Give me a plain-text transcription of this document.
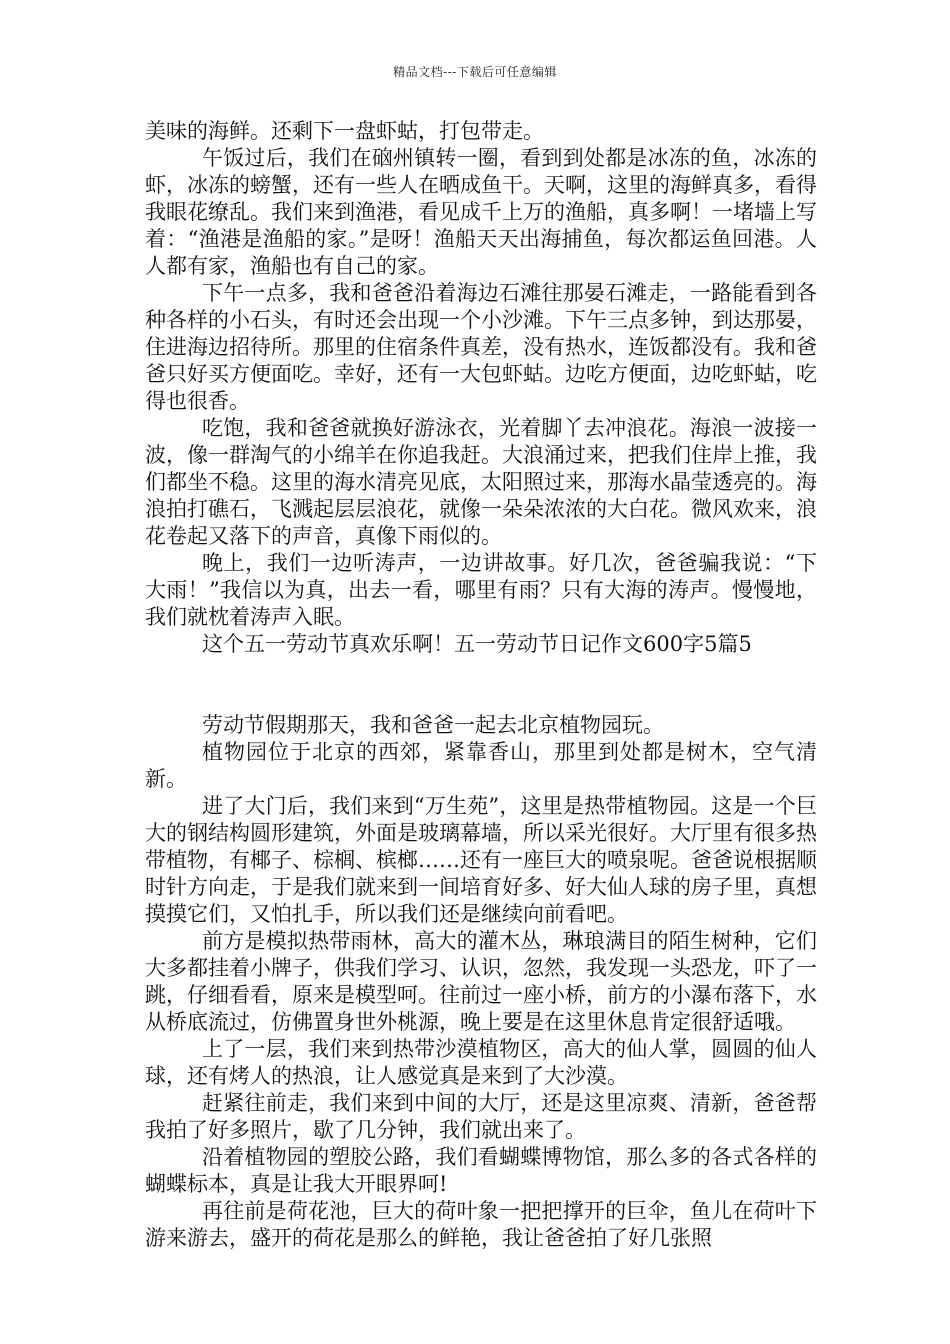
精品文档---下载后可任意编辑

美味的海鲜。还剩下一盘虾蛄，打包带走。

午饭过后，我们在硇州镇转一圈，看到到处都是冰冻的鱼，冰冻的虾，冰冻的螃蟹，还有一些人在晒成鱼干。天啊，这里的海鲜真多，看得我眼花缭乱。我们来到渔港，看见成千上万的渔船，真多啊！一堵墙上写着：“渔港是渔船的家。”是呀！渔船天天出海捕鱼，每次都运鱼回港。人人都有家，渔船也有自己的家。

下午一点多，我和爸爸沿着海边石滩往那晏石滩走，一路能看到各种各样的小石头，有时还会出现一个小沙滩。下午三点多钟，到达那晏，住进海边招待所。那里的住宿条件真差，没有热水，连饭都没有。我和爸爸只好买方便面吃。幸好，还有一大包虾蛄。边吃方便面，边吃虾蛄，吃得也很香。

吃饱，我和爸爸就换好游泳衣，光着脚丫去冲浪花。海浪一波接一波，像一群淘气的小绵羊在你追我赶。大浪涌过来，把我们住岸上推，我们都坐不稳。这里的海水清亮见底，太阳照过来，那海水晶莹透亮的。海浪拍打礁石，飞溅起层层浪花，就像一朵朵浓浓的大白花。微风欢来，浪花卷起又落下的声音，真像下雨似的。

晚上，我们一边听涛声，一边讲故事。好几次，爸爸骗我说：“下大雨！”我信以为真，出去一看，哪里有雨？只有大海的涛声。慢慢地，我们就枕着涛声入眠。

这个五一劳动节真欢乐啊！五一劳动节日记作文600字5篇5

劳动节假期那天，我和爸爸一起去北京植物园玩。

植物园位于北京的西郊，紧靠香山，那里到处都是树木，空气清新。

进了大门后，我们来到“万生苑”，这里是热带植物园。这是一个巨大的钢结构圆形建筑，外面是玻璃幕墙，所以采光很好。大厅里有很多热带植物，有椰子、棕榈、槟榔……还有一座巨大的喷泉呢。爸爸说根据顺时针方向走，于是我们就来到一间培育好多、好大仙人球的房子里，真想摸摸它们，又怕扎手，所以我们还是继续向前看吧。

前方是模拟热带雨林，高大的灌木丛，琳琅满目的陌生树种，它们大多都挂着小牌子，供我们学习、认识，忽然，我发现一头恐龙，吓了一跳，仔细看看，原来是模型呵。往前过一座小桥，前方的小瀑布落下，水从桥底流过，仿佛置身世外桃源，晚上要是在这里休息肯定很舒适哦。

上了一层，我们来到热带沙漠植物区，高大的仙人掌，圆圆的仙人球，还有烤人的热浪，让人感觉真是来到了大沙漠。

赶紧往前走，我们来到中间的大厅，还是这里凉爽、清新，爸爸帮我拍了好多照片，歇了几分钟，我们就出来了。

沿着植物园的塑胶公路，我们看蝴蝶博物馆，那么多的各式各样的蝴蝶标本，真是让我大开眼界呵!

再往前是荷花池，巨大的荷叶象一把把撑开的巨伞，鱼儿在荷叶下游来游去，盛开的荷花是那么的鲜艳，我让爸爸拍了好几张照
